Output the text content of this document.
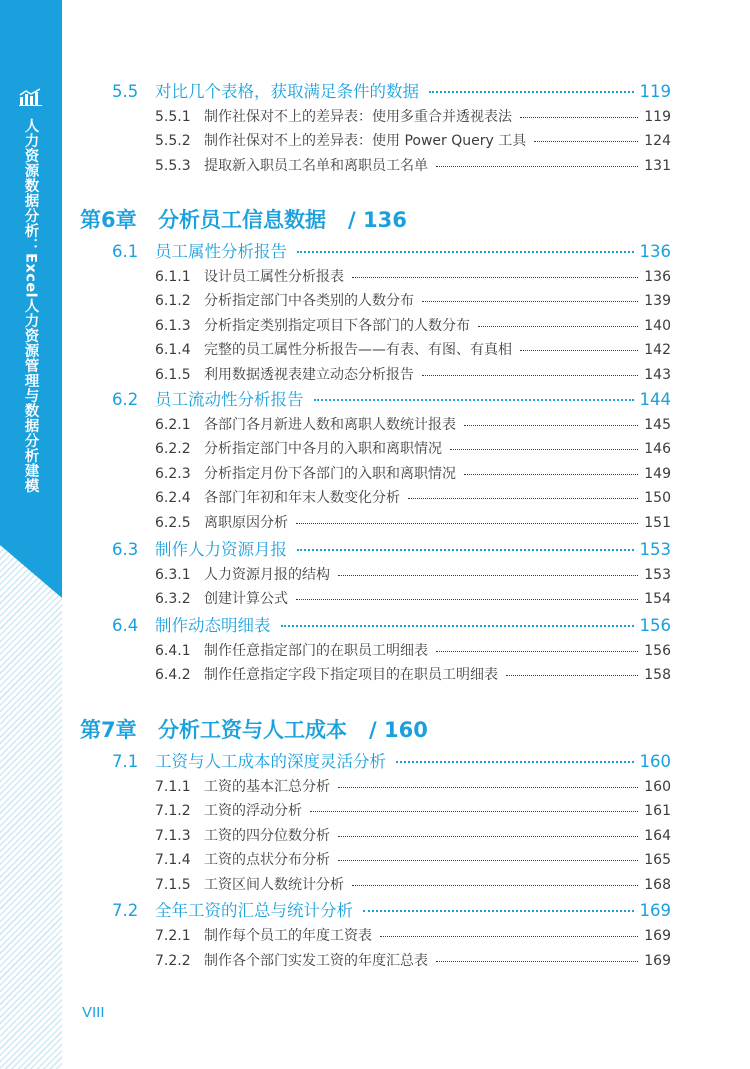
人力资源数据分析：Excel人力资源管理与数据分析建模
5.5	对比几个表格，获取满足条件的数据	119
5.5.1 制作社保对不上的差异表：使用多重合并透视表法	119
5.5.2 制作社保对不上的差异表：使用 Power Query 工具	124
5.5.3 提取新入职员工名单和离职员工名单	131
第6章 分析员工信息数据 / 136
6.1	员工属性分析报告	136
6.1.1 设计员工属性分析报表	136
6.1.2 分析指定部门中各类别的人数分布	139
6.1.3 分析指定类别指定项目下各部门的人数分布	140
6.1.4 完整的员工属性分析报告——有表、有图、有真相	142
6.1.5 利用数据透视表建立动态分析报告	143
6.2	员工流动性分析报告	144
6.2.1 各部门各月新进人数和离职人数统计报表	145
6.2.2 分析指定部门中各月的入职和离职情况	146
6.2.3 分析指定月份下各部门的入职和离职情况	149
6.2.4 各部门年初和年末人数变化分析	150
6.2.5 离职原因分析	151
6.3	制作人力资源月报	153
6.3.1 人力资源月报的结构	153
6.3.2 创建计算公式	154
6.4	制作动态明细表	156
6.4.1 制作任意指定部门的在职员工明细表	156
6.4.2 制作任意指定字段下指定项目的在职员工明细表	158
第7章 分析工资与人工成本 / 160
7.1	工资与人工成本的深度灵活分析	160
7.1.1 工资的基本汇总分析	160
7.1.2 工资的浮动分析	161
7.1.3 工资的四分位数分析	164
7.1.4 工资的点状分布分析	165
7.1.5 工资区间人数统计分析	168
7.2	全年工资的汇总与统计分析	169
7.2.1 制作每个员工的年度工资表	169
7.2.2 制作各个部门实发工资的年度汇总表	169
VIII
